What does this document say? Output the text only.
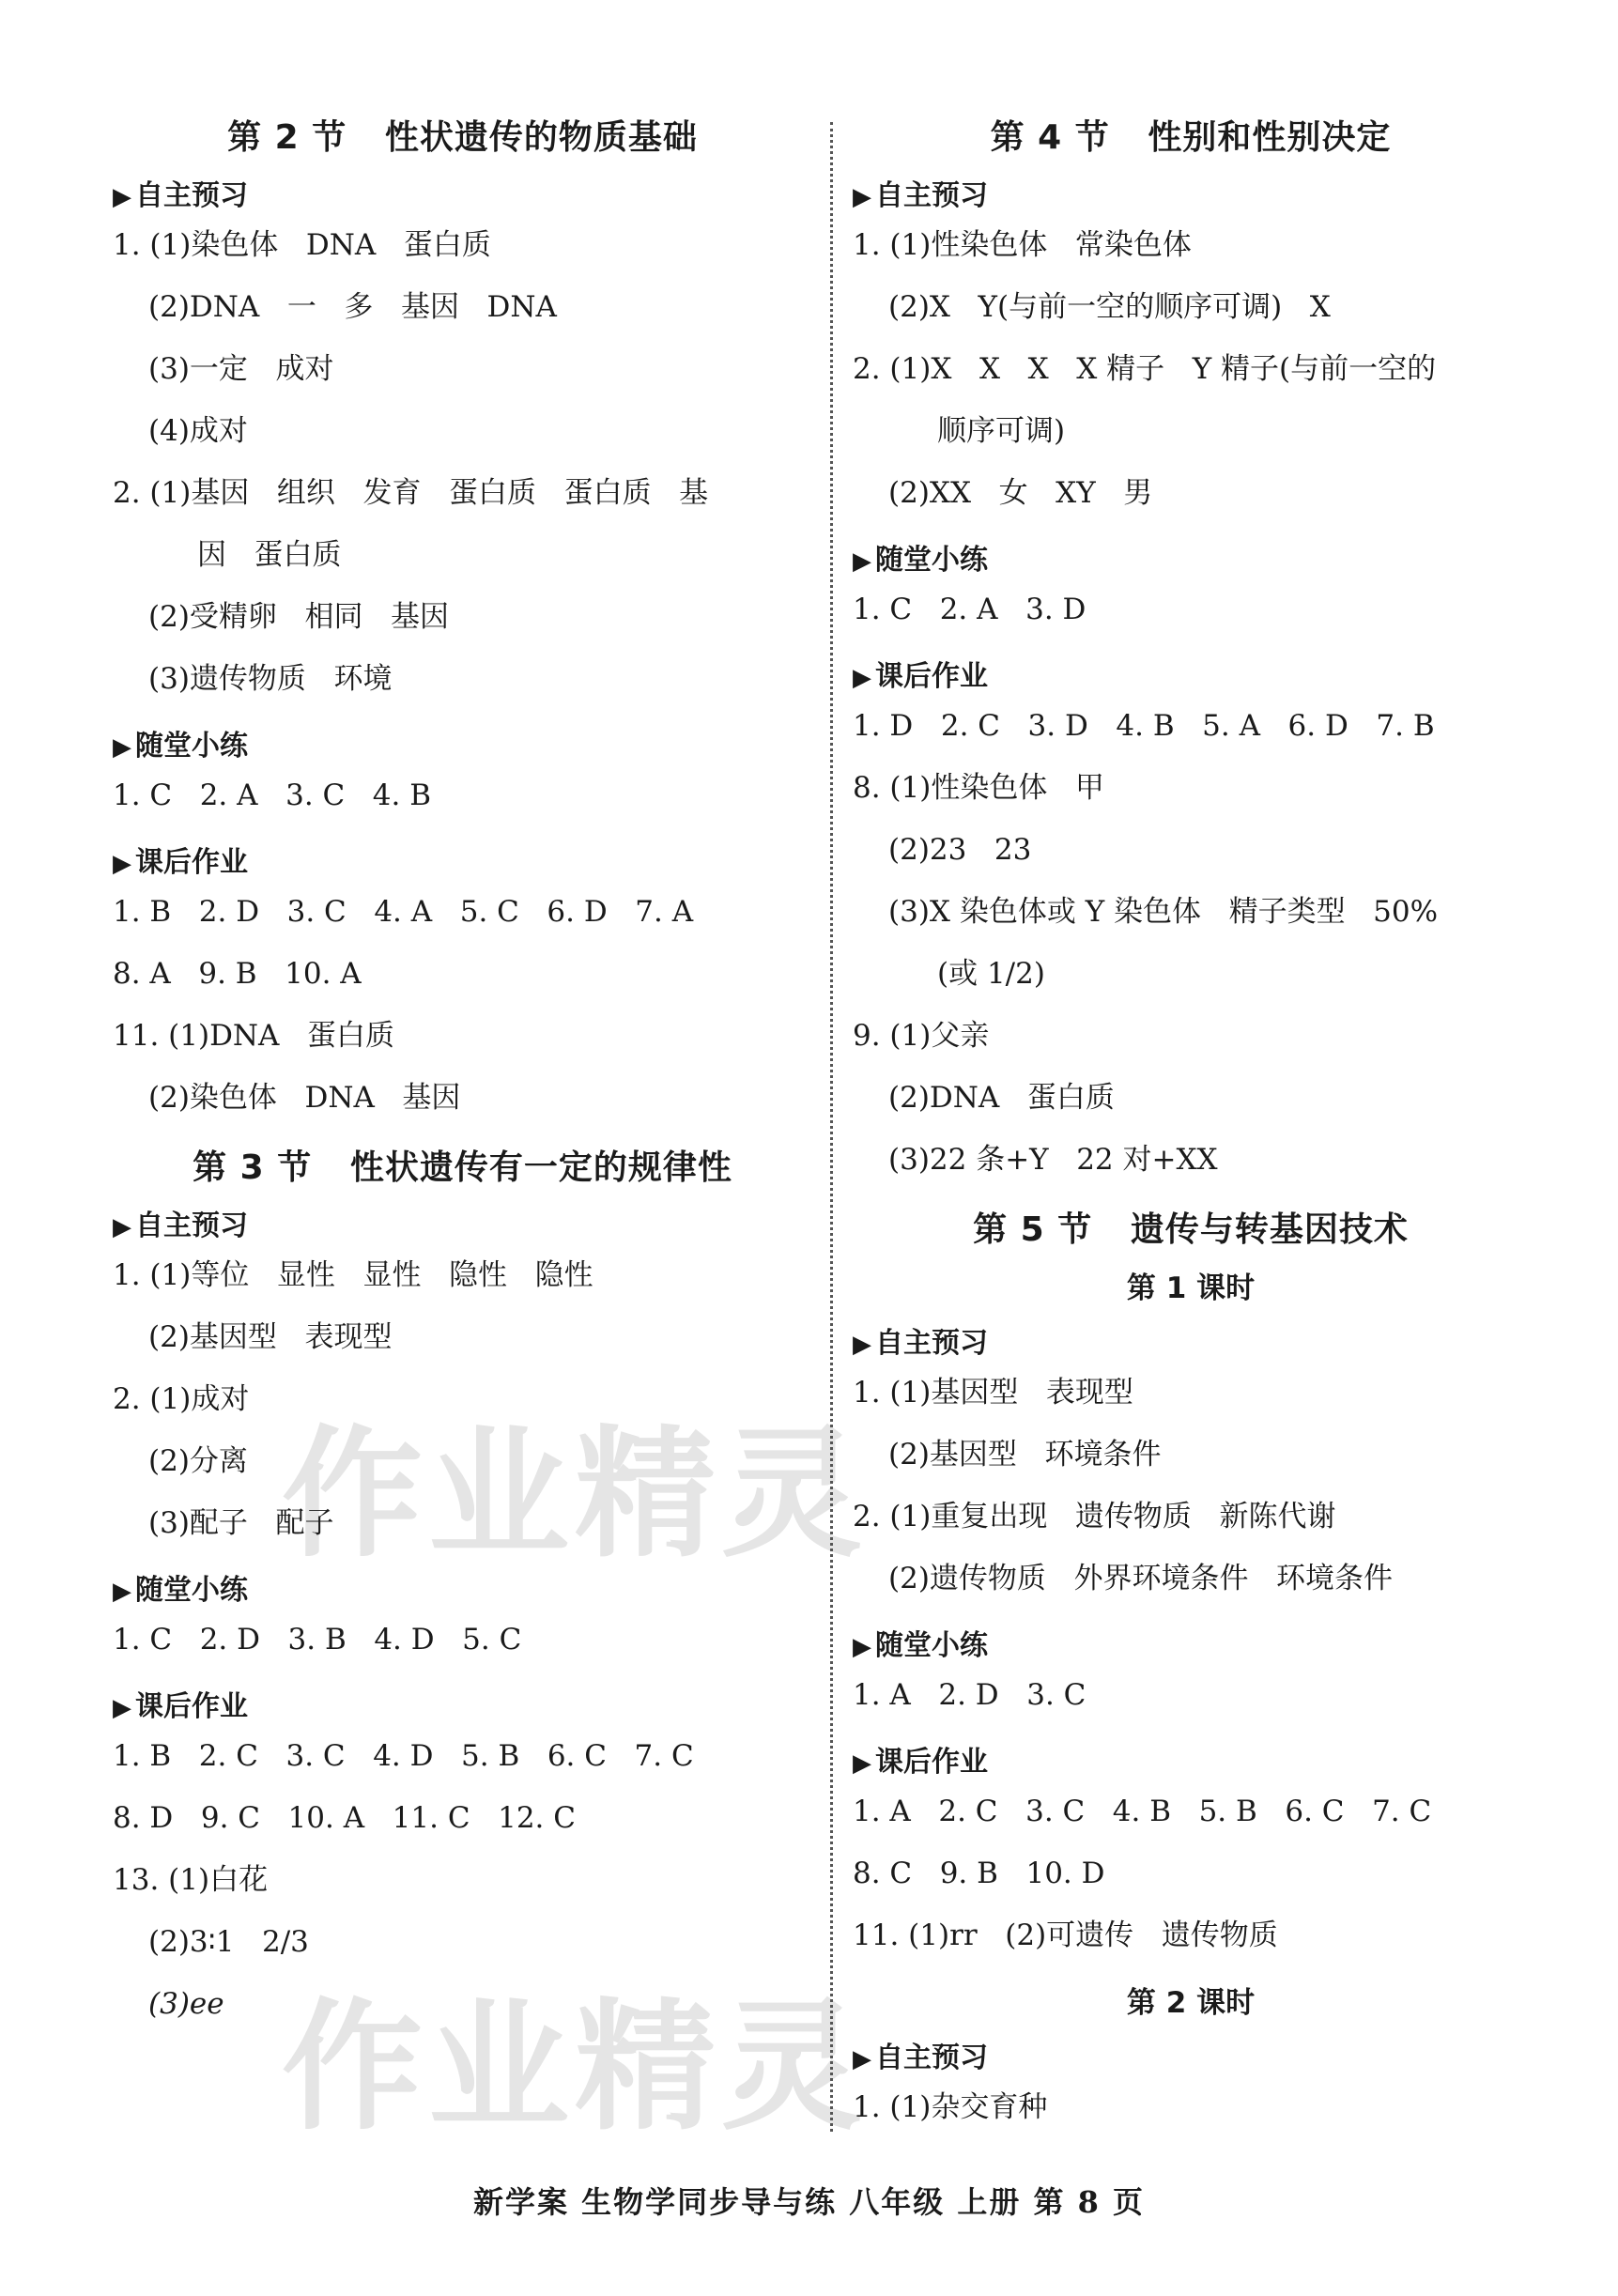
作业精灵
作业精灵
第 2 节   性状遗传的物质基础
▶ 自主预习
1. (1)染色体   DNA   蛋白质
(2)DNA   一   多   基因   DNA
(3)一定   成对
(4)成对
2. (1)基因   组织   发育   蛋白质   蛋白质   基
因   蛋白质
(2)受精卵   相同   基因
(3)遗传物质   环境
▶ 随堂小练
1. C   2. A   3. C   4. B
▶ 课后作业
1. B   2. D   3. C   4. A   5. C   6. D   7. A
8. A   9. B   10. A
11. (1)DNA   蛋白质
(2)染色体   DNA   基因
第 3 节   性状遗传有一定的规律性
▶ 自主预习
1. (1)等位   显性   显性   隐性   隐性
(2)基因型   表现型
2. (1)成对
(2)分离
(3)配子   配子
▶ 随堂小练
1. C   2. D   3. B   4. D   5. C
▶ 课后作业
1. B   2. C   3. C   4. D   5. B   6. C   7. C
8. D   9. C   10. A   11. C   12. C
13. (1)白花
(2)3∶1   2/3
(3)ee
第 4 节   性别和性别决定
▶ 自主预习
1. (1)性染色体   常染色体
(2)X   Y(与前一空的顺序可调)   X
2. (1)X   X   X   X 精子   Y 精子(与前一空的
顺序可调)
(2)XX   女   XY   男
▶ 随堂小练
1. C   2. A   3. D
▶ 课后作业
1. D   2. C   3. D   4. B   5. A   6. D   7. B
8. (1)性染色体   甲
(2)23   23
(3)X 染色体或 Y 染色体   精子类型   50%
(或 1/2)
9. (1)父亲
(2)DNA   蛋白质
(3)22 条+Y   22 对+XX
第 5 节   遗传与转基因技术
第 1 课时
▶ 自主预习
1. (1)基因型   表现型
(2)基因型   环境条件
2. (1)重复出现   遗传物质   新陈代谢
(2)遗传物质   外界环境条件   环境条件
▶ 随堂小练
1. A   2. D   3. C
▶ 课后作业
1. A   2. C   3. C   4. B   5. B   6. C   7. C
8. C   9. B   10. D
11. (1)rr   (2)可遗传   遗传物质
第 2 课时
▶ 自主预习
1. (1)杂交育种
新学案 生物学同步导与练 八年级 上册 第 8 页
